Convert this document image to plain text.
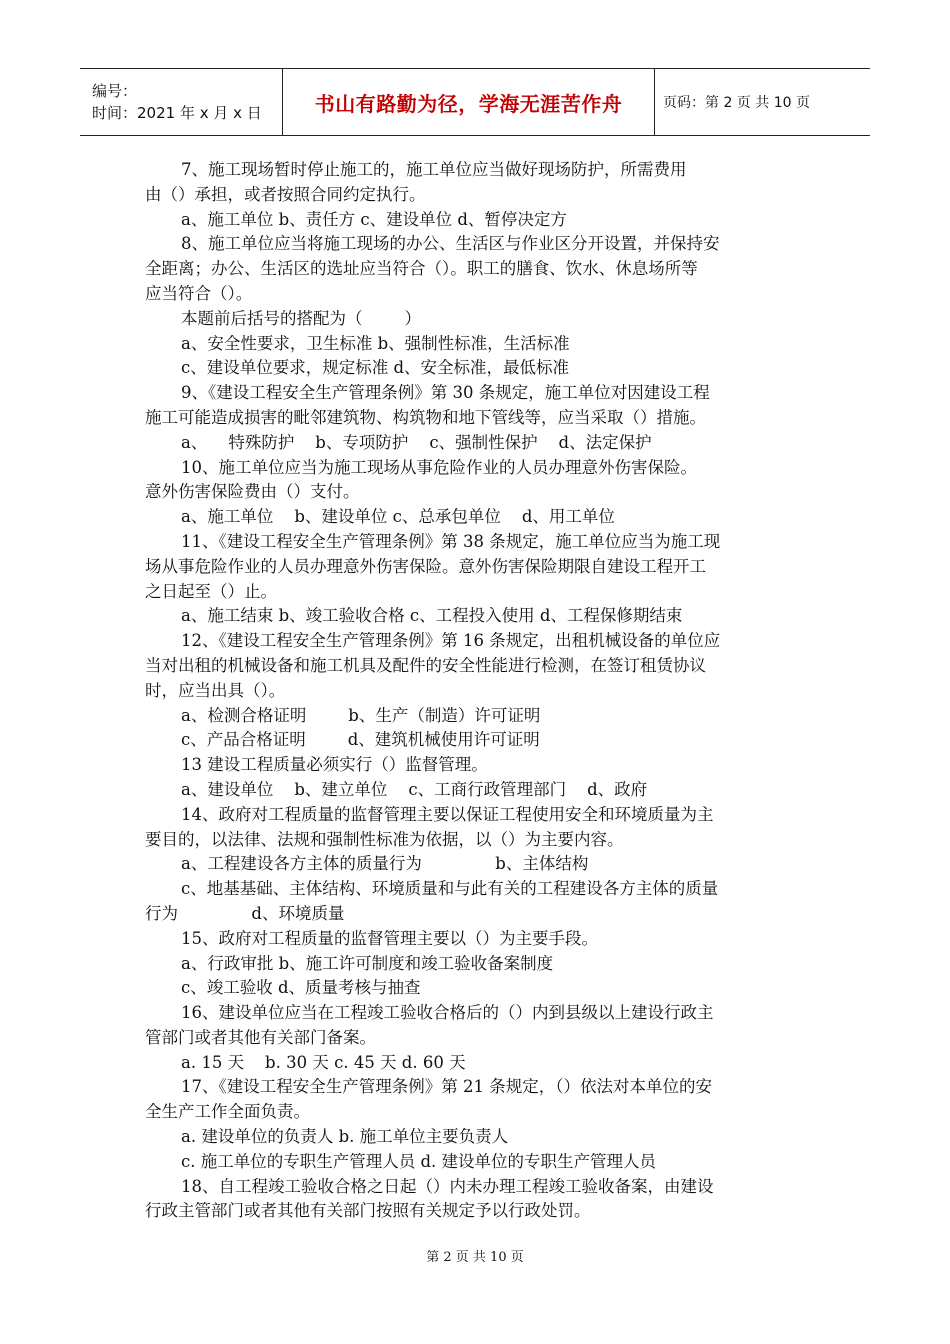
编号：
时间：2021 年 x 月 x 日	书山有路勤为径，学海无涯苦作舟	页码：第 2 页 共 10 页
7、施工现场暂时停止施工的，施工单位应当做好现场防护，所需费用
由（）承担，或者按照合同约定执行。
a、施工单位 b、责任方 c、建设单位 d、暂停决定方
8、施工单位应当将施工现场的办公、生活区与作业区分开设置，并保持安
全距离；办公、生活区的选址应当符合（）。职工的膳食、饮水、休息场所等
应当符合（）。
本题前后括号的搭配为（        ）
a、安全性要求，卫生标准 b、强制性标准，生活标准
c、建设单位要求，规定标准 d、安全标准，最低标准
9、《建设工程安全生产管理条例》第 30 条规定，施工单位对因建设工程
施工可能造成损害的毗邻建筑物、构筑物和地下管线等，应当采取（）措施。
a、    特殊防护    b、专项防护    c、强制性保护    d、法定保护
10、施工单位应当为施工现场从事危险作业的人员办理意外伤害保险。
意外伤害保险费由（）支付。
a、施工单位    b、建设单位 c、总承包单位    d、用工单位
11、《建设工程安全生产管理条例》第 38 条规定，施工单位应当为施工现
场从事危险作业的人员办理意外伤害保险。意外伤害保险期限自建设工程开工
之日起至（）止。
a、施工结束 b、竣工验收合格 c、工程投入使用 d、工程保修期结束
12、《建设工程安全生产管理条例》第 16 条规定，出租机械设备的单位应
当对出租的机械设备和施工机具及配件的安全性能进行检测，在签订租赁协议
时，应当出具（）。
a、检测合格证明        b、生产（制造）许可证明
c、产品合格证明        d、建筑机械使用许可证明
13 建设工程质量必须实行（）监督管理。
a、建设单位    b、建立单位    c、工商行政管理部门    d、政府
14、政府对工程质量的监督管理主要以保证工程使用安全和环境质量为主
要目的，以法律、法规和强制性标准为依据，以（）为主要内容。
a、工程建设各方主体的质量行为              b、主体结构
c、地基基础、主体结构、环境质量和与此有关的工程建设各方主体的质量
行为              d、环境质量
15、政府对工程质量的监督管理主要以（）为主要手段。
a、行政审批 b、施工许可制度和竣工验收备案制度
c、竣工验收 d、质量考核与抽查
16、建设单位应当在工程竣工验收合格后的（）内到县级以上建设行政主
管部门或者其他有关部门备案。
a. 15 天    b. 30 天 c. 45 天 d. 60 天
17、《建设工程安全生产管理条例》第 21 条规定，（）依法对本单位的安
全生产工作全面负责。
a. 建设单位的负责人 b. 施工单位主要负责人
c. 施工单位的专职生产管理人员 d. 建设单位的专职生产管理人员
18、自工程竣工验收合格之日起（）内未办理工程竣工验收备案，由建设
行政主管部门或者其他有关部门按照有关规定予以行政处罚。
第 2 页 共 10 页
